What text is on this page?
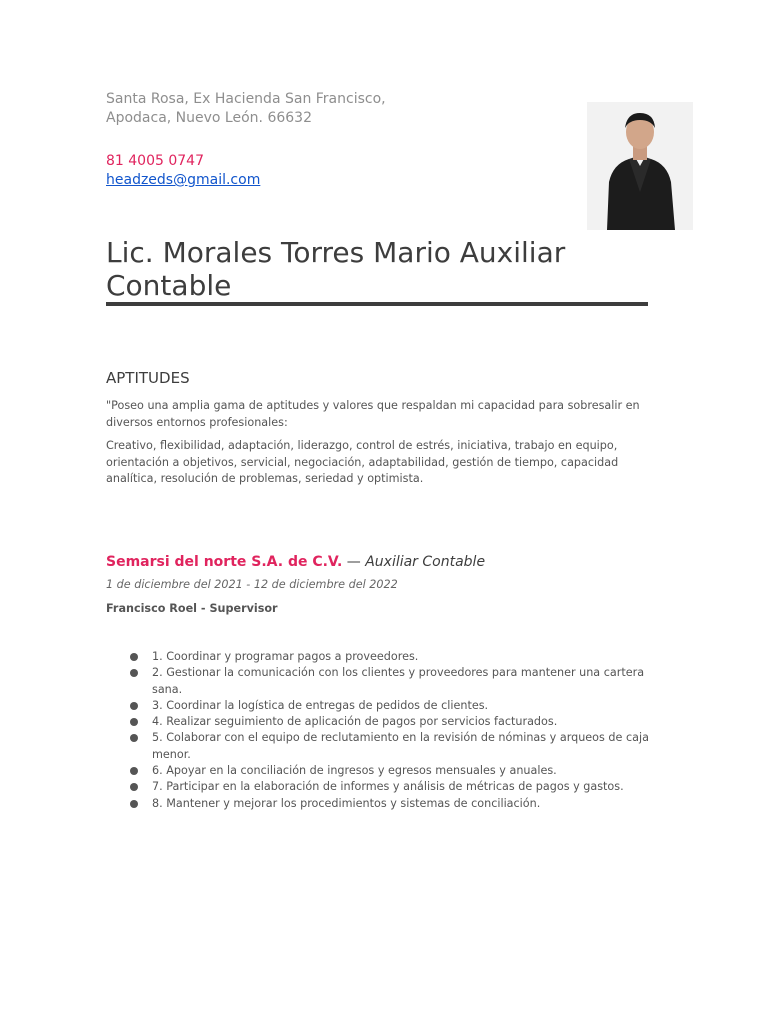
Santa Rosa, Ex Hacienda San Francisco,
Apodaca, Nuevo León. 66632
81 4005 0747
headzeds@gmail.com
Lic. Morales Torres Mario Auxiliar Contable
APTITUDES

"Poseo una amplia gama de aptitudes y valores que respaldan mi capacidad para sobresalir en diversos entornos profesionales:

Creativo, flexibilidad, adaptación, liderazgo, control de estrés, iniciativa, trabajo en equipo, orientación a objetivos, servicial, negociación, adaptabilidad, gestión de tiempo, capacidad analítica, resolución de problemas, seriedad y optimista.

Semarsi del norte S.A. de C.V. — Auxiliar Contable
1 de diciembre del 2021 - 12 de diciembre del 2022
Francisco Roel - Supervisor
1. Coordinar y programar pagos a proveedores.
2. Gestionar la comunicación con los clientes y proveedores para mantener una cartera sana.
3. Coordinar la logística de entregas de pedidos de clientes.
4. Realizar seguimiento de aplicación de pagos por servicios facturados.
5. Colaborar con el equipo de reclutamiento en la revisión de nóminas y arqueos de caja menor.
6. Apoyar en la conciliación de ingresos y egresos mensuales y anuales.
7. Participar en la elaboración de informes y análisis de métricas de pagos y gastos.
8. Mantener y mejorar los procedimientos y sistemas de conciliación.
